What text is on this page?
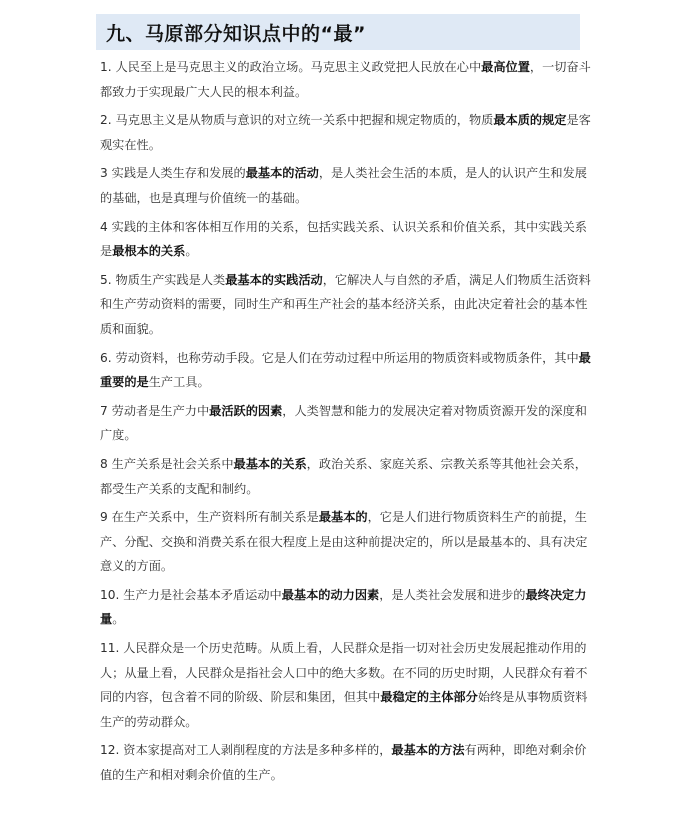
九、马原部分知识点中的“最”
1. 人民至上是马克思主义的政治立场。马克思主义政党把人民放在心中最高位置，一切奋斗都致力于实现最广大人民的根本利益。
2. 马克思主义是从物质与意识的对立统一关系中把握和规定物质的，物质最本质的规定是客观实在性。
3 实践是人类生存和发展的最基本的活动，是人类社会生活的本质，是人的认识产生和发展的基础，也是真理与价值统一的基础。
4 实践的主体和客体相互作用的关系，包括实践关系、认识关系和价值关系，其中实践关系是最根本的关系。
5. 物质生产实践是人类最基本的实践活动，它解决人与自然的矛盾，满足人们物质生活资料和生产劳动资料的需要，同时生产和再生产社会的基本经济关系，由此决定着社会的基本性质和面貌。
6. 劳动资料，也称劳动手段。它是人们在劳动过程中所运用的物质资料或物质条件，其中最重要的是生产工具。
7 劳动者是生产力中最活跃的因素，人类智慧和能力的发展决定着对物质资源开发的深度和广度。
8 生产关系是社会关系中最基本的关系，政治关系、家庭关系、宗教关系等其他社会关系，都受生产关系的支配和制约。
9 在生产关系中，生产资料所有制关系是最基本的，它是人们进行物质资料生产的前提，生产、分配、交换和消费关系在很大程度上是由这种前提决定的，所以是最基本的、具有决定意义的方面。
10. 生产力是社会基本矛盾运动中最基本的动力因素，是人类社会发展和进步的最终决定力量。
11. 人民群众是一个历史范畴。从质上看，人民群众是指一切对社会历史发展起推动作用的人；从量上看，人民群众是指社会人口中的绝大多数。在不同的历史时期，人民群众有着不同的内容，包含着不同的阶级、阶层和集团，但其中最稳定的主体部分始终是从事物质资料生产的劳动群众。
12. 资本家提高对工人剥削程度的方法是多种多样的，最基本的方法有两种，即绝对剩余价值的生产和相对剩余价值的生产。
